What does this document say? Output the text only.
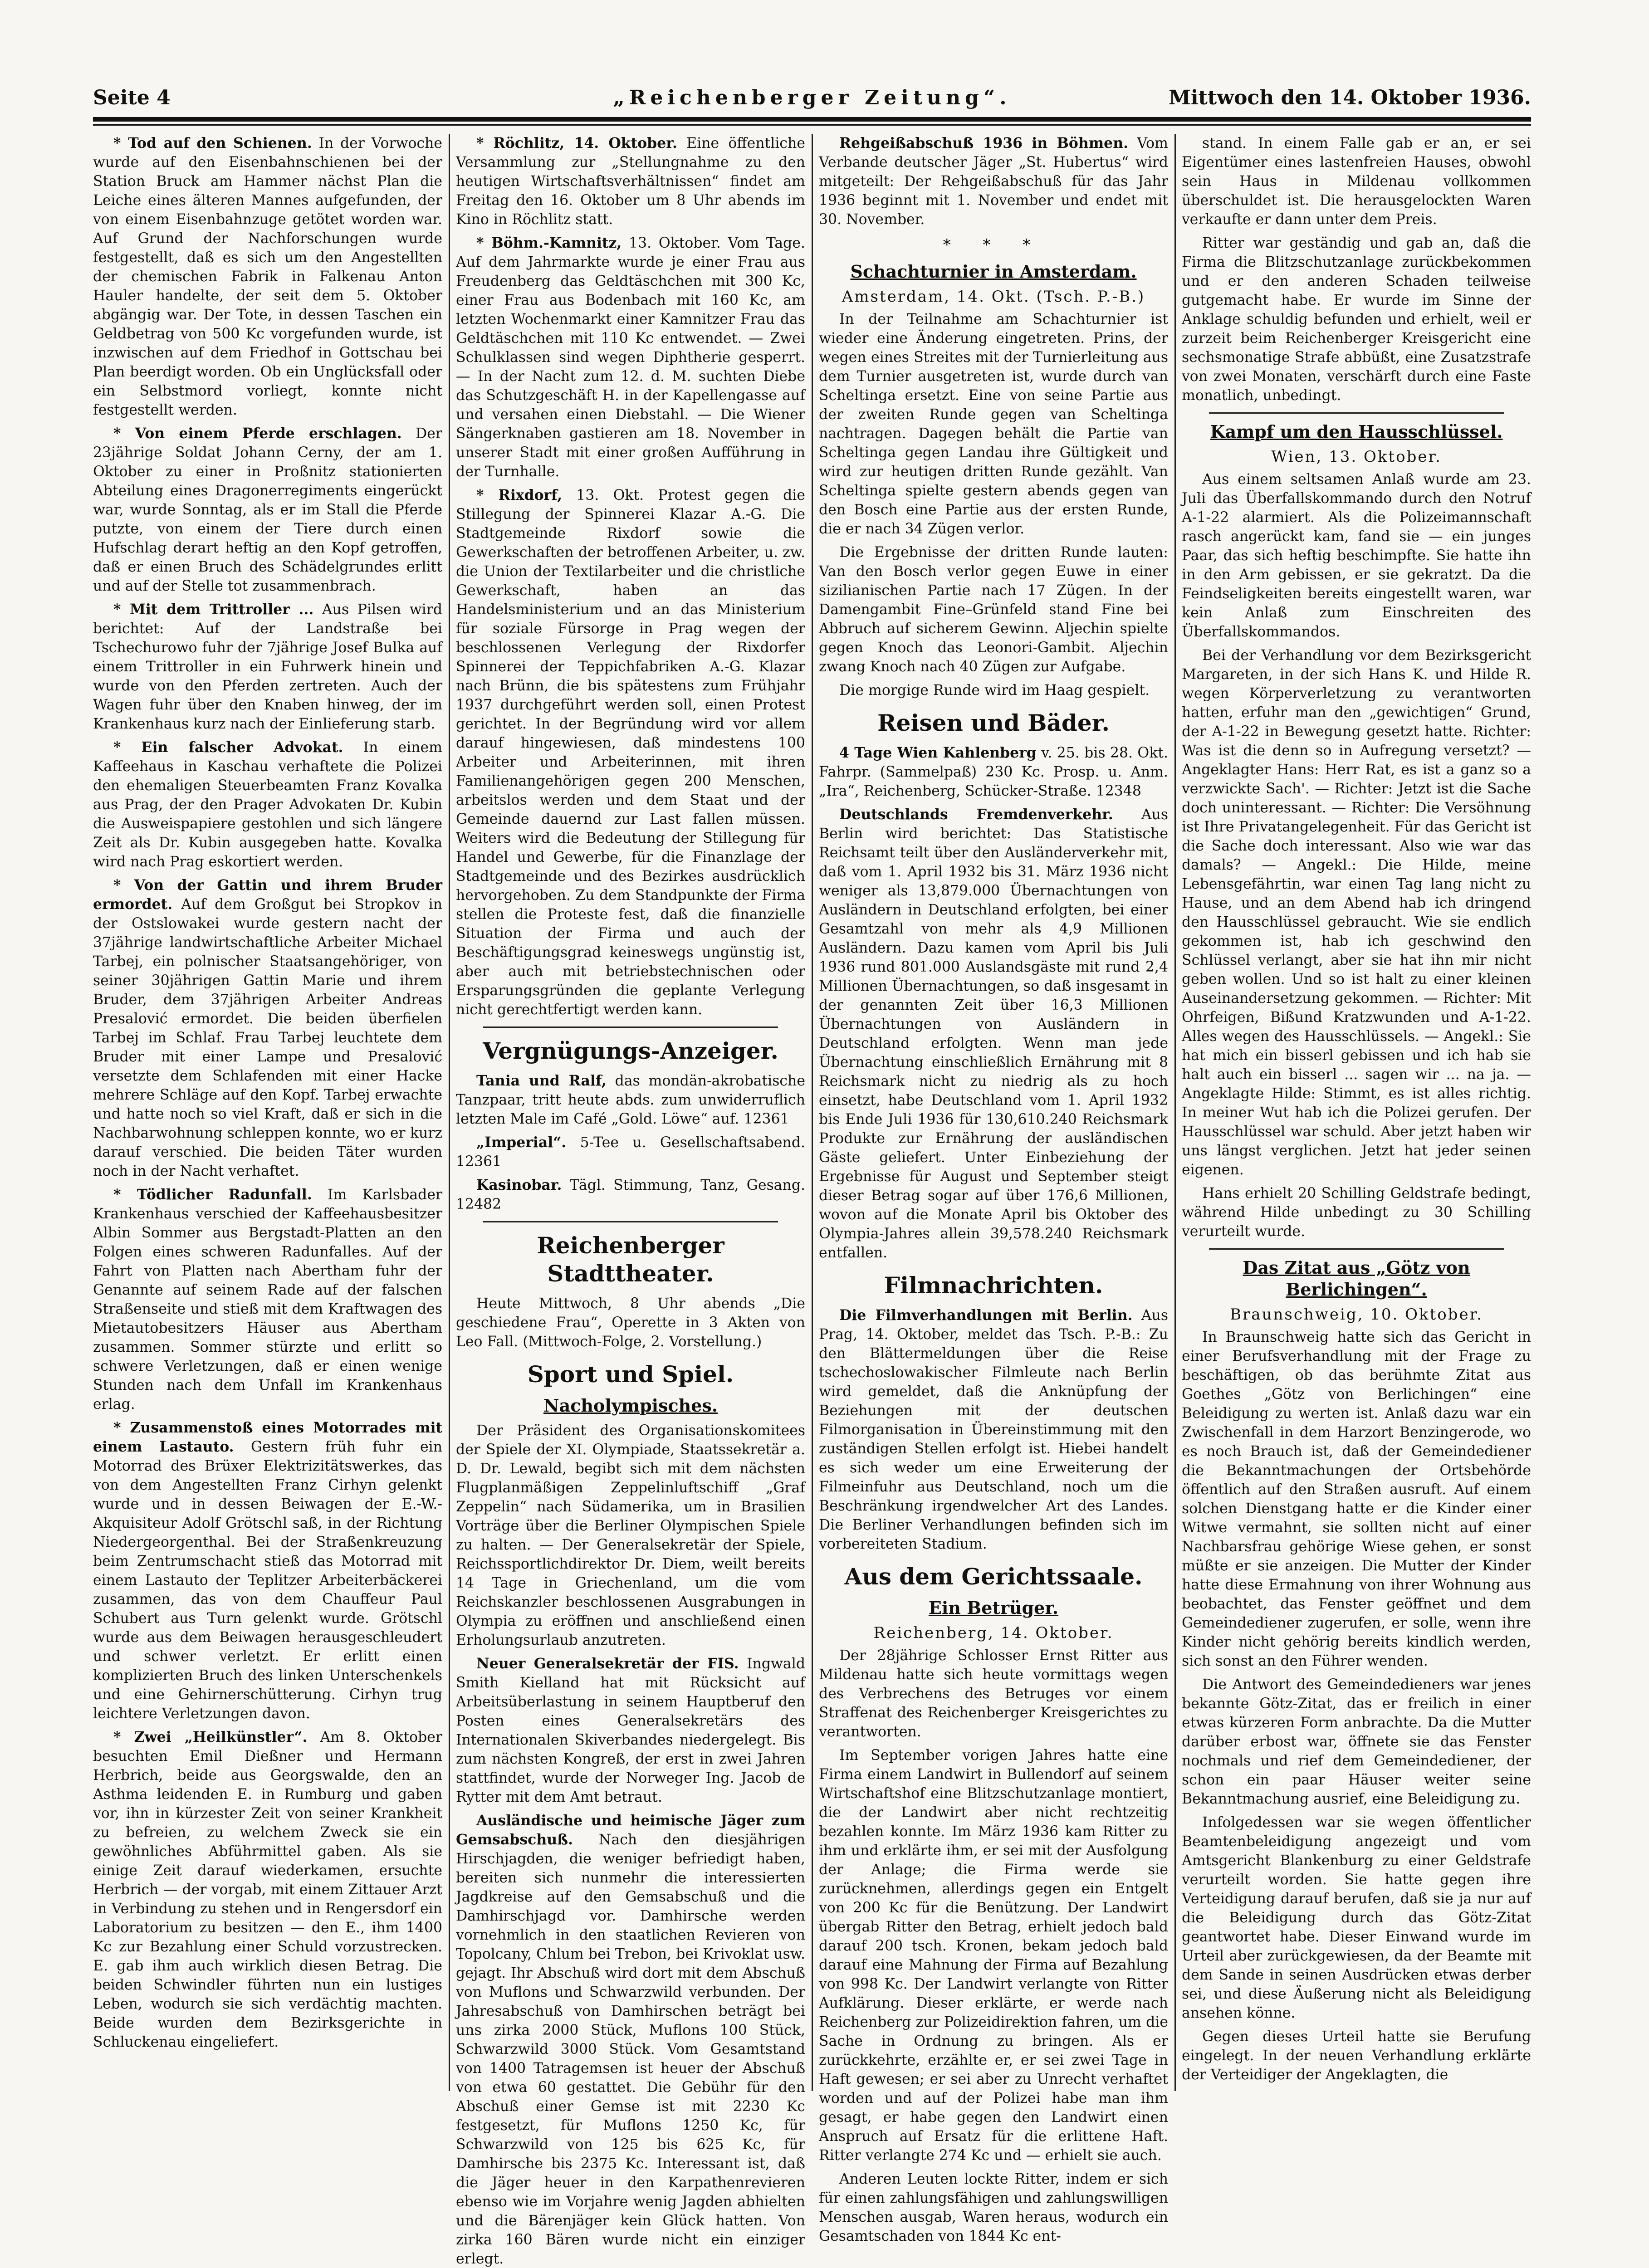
Seite 4	„Reichenberger Zeitung“.	Mittwoch den 14. Oktober 1936.

* Tod auf den Schienen. In der Vorwoche wurde auf den Eisenbahnschienen bei der Station Bruck am Hammer nächst Plan die Leiche eines älteren Mannes aufgefunden, der von einem Eisenbahnzuge getötet worden war. Auf Grund der Nachforschungen wurde festgestellt, daß es sich um den Angestellten der chemischen Fabrik in Falkenau Anton Hauler handelte, der seit dem 5. Oktober abgängig war. Der Tote, in dessen Taschen ein Geldbetrag von 500 Kc vorgefunden wurde, ist inzwischen auf dem Friedhof in Gottschau bei Plan beerdigt worden. Ob ein Unglücksfall oder ein Selbstmord vorliegt, konnte nicht festgestellt werden.

* Von einem Pferde erschlagen. Der 23jährige Soldat Johann Cerny, der am 1. Oktober zu einer in Proßnitz stationierten Abteilung eines Dragonerregiments eingerückt war, wurde Sonntag, als er im Stall die Pferde putzte, von einem der Tiere durch einen Hufschlag derart heftig an den Kopf getroffen, daß er einen Bruch des Schädelgrundes erlitt und auf der Stelle tot zusammenbrach.

* Mit dem Trittroller ... Aus Pilsen wird berichtet: Auf der Landstraße bei Tschechurowo fuhr der 7jährige Josef Bulka auf einem Trittroller in ein Fuhrwerk hinein und wurde von den Pferden zertreten. Auch der Wagen fuhr über den Knaben hinweg, der im Krankenhaus kurz nach der Einlieferung starb.

* Ein falscher Advokat. In einem Kaffeehaus in Kaschau verhaftete die Polizei den ehemaligen Steuerbeamten Franz Kovalka aus Prag, der den Prager Advokaten Dr. Kubin die Ausweispapiere gestohlen und sich längere Zeit als Dr. Kubin ausgegeben hatte. Kovalka wird nach Prag eskortiert werden.

* Von der Gattin und ihrem Bruder ermordet. Auf dem Großgut bei Stropkov in der Ostslowakei wurde gestern nacht der 37jährige landwirtschaftliche Arbeiter Michael Tarbej, ein polnischer Staatsangehöriger, von seiner 30jährigen Gattin Marie und ihrem Bruder, dem 37jährigen Arbeiter Andreas Presalović ermordet. Die beiden überfielen Tarbej im Schlaf. Frau Tarbej leuchtete dem Bruder mit einer Lampe und Presalović versetzte dem Schlafenden mit einer Hacke mehrere Schläge auf den Kopf. Tarbej erwachte und hatte noch so viel Kraft, daß er sich in die Nachbarwohnung schleppen konnte, wo er kurz darauf verschied. Die beiden Täter wurden noch in der Nacht verhaftet.

* Tödlicher Radunfall. Im Karlsbader Krankenhaus verschied der Kaffeehausbesitzer Albin Sommer aus Bergstadt-Platten an den Folgen eines schweren Radunfalles. Auf der Fahrt von Platten nach Abertham fuhr der Genannte auf seinem Rade auf der falschen Straßenseite und stieß mit dem Kraftwagen des Mietautobesitzers Häuser aus Abertham zusammen. Sommer stürzte und erlitt so schwere Verletzungen, daß er einen wenige Stunden nach dem Unfall im Krankenhaus erlag.

* Zusammenstoß eines Motorrades mit einem Lastauto. Gestern früh fuhr ein Motorrad des Brüxer Elektrizitätswerkes, das von dem Angestellten Franz Cirhyn gelenkt wurde und in dessen Beiwagen der E.-W.-Akquisiteur Adolf Grötschl saß, in der Richtung Niedergeorgenthal. Bei der Straßenkreuzung beim Zentrumschacht stieß das Motorrad mit einem Lastauto der Teplitzer Arbeiterbäckerei zusammen, das von dem Chauffeur Paul Schubert aus Turn gelenkt wurde. Grötschl wurde aus dem Beiwagen herausgeschleudert und schwer verletzt. Er erlitt einen komplizierten Bruch des linken Unterschenkels und eine Gehirnerschütterung. Cirhyn trug leichtere Verletzungen davon.

* Zwei „Heilkünstler“. Am 8. Oktober besuchten Emil Dießner und Hermann Herbrich, beide aus Georgswalde, den an Asthma leidenden E. in Rumburg und gaben vor, ihn in kürzester Zeit von seiner Krankheit zu befreien, zu welchem Zweck sie ein gewöhnliches Abführmittel gaben. Als sie einige Zeit darauf wiederkamen, ersuchte Herbrich — der vorgab, mit einem Zittauer Arzt in Verbindung zu stehen und in Rengersdorf ein Laboratorium zu besitzen — den E., ihm 1400 Kc zur Bezahlung einer Schuld vorzustrecken. E. gab ihm auch wirklich diesen Betrag. Die beiden Schwindler führten nun ein lustiges Leben, wodurch sie sich verdächtig machten. Beide wurden dem Bezirksgerichte in Schluckenau eingeliefert.

* Röchlitz, 14. Oktober. Eine öffentliche Versammlung zur „Stellungnahme zu den heutigen Wirtschaftsverhältnissen“ findet am Freitag den 16. Oktober um 8 Uhr abends im Kino in Röchlitz statt.

* Böhm.-Kamnitz, 13. Oktober. Vom Tage. Auf dem Jahrmarkte wurde je einer Frau aus Freudenberg das Geldtäschchen mit 300 Kc, einer Frau aus Bodenbach mit 160 Kc, am letzten Wochenmarkt einer Kamnitzer Frau das Geldtäschchen mit 110 Kc entwendet. — Zwei Schulklassen sind wegen Diphtherie gesperrt. — In der Nacht zum 12. d. M. suchten Diebe das Schutzgeschäft H. in der Kapellengasse auf und versahen einen Diebstahl. — Die Wiener Sängerknaben gastieren am 18. November in unserer Stadt mit einer großen Aufführung in der Turnhalle.

* Rixdorf, 13. Okt. Protest gegen die Stillegung der Spinnerei Klazar A.-G. Die Stadtgemeinde Rixdorf sowie die Gewerkschaften der betroffenen Arbeiter, u. zw. die Union der Textilarbeiter und die christliche Gewerkschaft, haben an das Handelsministerium und an das Ministerium für soziale Fürsorge in Prag wegen der beschlossenen Verlegung der Rixdorfer Spinnerei der Teppichfabriken A.-G. Klazar nach Brünn, die bis spätestens zum Frühjahr 1937 durchgeführt werden soll, einen Protest gerichtet. In der Begründung wird vor allem darauf hingewiesen, daß mindestens 100 Arbeiter und Arbeiterinnen, mit ihren Familienangehörigen gegen 200 Menschen, arbeitslos werden und dem Staat und der Gemeinde dauernd zur Last fallen müssen. Weiters wird die Bedeutung der Stillegung für Handel und Gewerbe, für die Finanzlage der Stadtgemeinde und des Bezirkes ausdrücklich hervorgehoben. Zu dem Standpunkte der Firma stellen die Proteste fest, daß die finanzielle Situation der Firma und auch der Beschäftigungsgrad keineswegs ungünstig ist, aber auch mit betriebstechnischen oder Ersparungsgründen die geplante Verlegung nicht gerechtfertigt werden kann.

Vergnügungs-Anzeiger.

Tania und Ralf, das mondän-akrobatische Tanzpaar, tritt heute abds. zum unwiderruflich letzten Male im Café „Gold. Löwe“ auf. 12361

„Imperial“. 5-Tee u. Gesellschaftsabend. 12361

Kasinobar. Tägl. Stimmung, Tanz, Gesang. 12482

Reichenberger Stadttheater.

Heute Mittwoch, 8 Uhr abends „Die geschiedene Frau“, Operette in 3 Akten von Leo Fall. (Mittwoch-Folge, 2. Vorstellung.)

Sport und Spiel.
Nacholympisches.

Der Präsident des Organisationskomitees der Spiele der XI. Olympiade, Staatssekretär a. D. Dr. Lewald, begibt sich mit dem nächsten Flugplanmäßigen Zeppelinluftschiff „Graf Zeppelin“ nach Südamerika, um in Brasilien Vorträge über die Berliner Olympischen Spiele zu halten. — Der Generalsekretär der Spiele, Reichssportlichdirektor Dr. Diem, weilt bereits 14 Tage in Griechenland, um die vom Reichskanzler beschlossenen Ausgrabungen in Olympia zu eröffnen und anschließend einen Erholungsurlaub anzutreten.

Neuer Generalsekretär der FIS. Ingwald Smith Kielland hat mit Rücksicht auf Arbeitsüberlastung in seinem Hauptberuf den Posten eines Generalsekretärs des Internationalen Skiverbandes niedergelegt. Bis zum nächsten Kongreß, der erst in zwei Jahren stattfindet, wurde der Norweger Ing. Jacob de Rytter mit dem Amt betraut.

Ausländische und heimische Jäger zum Gemsabschuß. Nach den diesjährigen Hirschjagden, die weniger befriedigt haben, bereiten sich nunmehr die interessierten Jagdkreise auf den Gemsabschuß und die Damhirschjagd vor. Damhirsche werden vornehmlich in den staatlichen Revieren von Topolcany, Chlum bei Trebon, bei Krivoklat usw. gejagt. Ihr Abschuß wird dort mit dem Abschuß von Muflons und Schwarzwild verbunden. Der Jahresabschuß von Damhirschen beträgt bei uns zirka 2000 Stück, Muflons 100 Stück, Schwarzwild 3000 Stück. Vom Gesamtstand von 1400 Tatragemsen ist heuer der Abschuß von etwa 60 gestattet. Die Gebühr für den Abschuß einer Gemse ist mit 2230 Kc festgesetzt, für Muflons 1250 Kc, für Schwarzwild von 125 bis 625 Kc, für Damhirsche bis 2375 Kc. Interessant ist, daß die Jäger heuer in den Karpathenrevieren ebenso wie im Vorjahre wenig Jagden abhielten und die Bärenjäger kein Glück hatten. Von zirka 160 Bären wurde nicht ein einziger erlegt.

Rehgeißabschuß 1936 in Böhmen. Vom Verbande deutscher Jäger „St. Hubertus“ wird mitgeteilt: Der Rehgeißabschuß für das Jahr 1936 beginnt mit 1. November und endet mit 30. November.

* * *
Schachturnier in Amsterdam.
Amsterdam, 14. Okt. (Tsch. P.-B.)

In der Teilnahme am Schachturnier ist wieder eine Änderung eingetreten. Prins, der wegen eines Streites mit der Turnierleitung aus dem Turnier ausgetreten ist, wurde durch van Scheltinga ersetzt. Eine von seine Partie aus der zweiten Runde gegen van Scheltinga nachtragen. Dagegen behält die Partie van Scheltinga gegen Landau ihre Gültigkeit und wird zur heutigen dritten Runde gezählt. Van Scheltinga spielte gestern abends gegen van den Bosch eine Partie aus der ersten Runde, die er nach 34 Zügen verlor.

Die Ergebnisse der dritten Runde lauten: Van den Bosch verlor gegen Euwe in einer sizilianischen Partie nach 17 Zügen. In der Damengambit Fine–Grünfeld stand Fine bei Abbruch auf sicherem Gewinn. Aljechin spielte gegen Knoch das Leonori-Gambit. Aljechin zwang Knoch nach 40 Zügen zur Aufgabe.

Die morgige Runde wird im Haag gespielt.

Reisen und Bäder.

4 Tage Wien Kahlenberg v. 25. bis 28. Okt. Fahrpr. (Sammelpaß) 230 Kc. Prosp. u. Anm. „Ira“, Reichenberg, Schücker-Straße. 12348

Deutschlands Fremdenverkehr. Aus Berlin wird berichtet: Das Statistische Reichsamt teilt über den Ausländerverkehr mit, daß vom 1. April 1932 bis 31. März 1936 nicht weniger als 13,879.000 Übernachtungen von Ausländern in Deutschland erfolgten, bei einer Gesamtzahl von mehr als 4,9 Millionen Ausländern. Dazu kamen vom April bis Juli 1936 rund 801.000 Auslandsgäste mit rund 2,4 Millionen Übernachtungen, so daß insgesamt in der genannten Zeit über 16,3 Millionen Übernachtungen von Ausländern in Deutschland erfolgten. Wenn man jede Übernachtung einschließlich Ernährung mit 8 Reichsmark nicht zu niedrig als zu hoch einsetzt, habe Deutschland vom 1. April 1932 bis Ende Juli 1936 für 130,610.240 Reichsmark Produkte zur Ernährung der ausländischen Gäste geliefert. Unter Einbeziehung der Ergebnisse für August und September steigt dieser Betrag sogar auf über 176,6 Millionen, wovon auf die Monate April bis Oktober des Olympia-Jahres allein 39,578.240 Reichsmark entfallen.

Filmnachrichten.

Die Filmverhandlungen mit Berlin. Aus Prag, 14. Oktober, meldet das Tsch. P.-B.: Zu den Blättermeldungen über die Reise tschechoslowakischer Filmleute nach Berlin wird gemeldet, daß die Anknüpfung der Beziehungen mit der deutschen Filmorganisation in Übereinstimmung mit den zuständigen Stellen erfolgt ist. Hiebei handelt es sich weder um eine Erweiterung der Filmeinfuhr aus Deutschland, noch um die Beschränkung irgendwelcher Art des Landes. Die Berliner Verhandlungen befinden sich im vorbereiteten Stadium.

Aus dem Gerichtssaale.
Ein Betrüger.
Reichenberg, 14. Oktober.

Der 28jährige Schlosser Ernst Ritter aus Mildenau hatte sich heute vormittags wegen des Verbrechens des Betruges vor einem Straffenat des Reichenberger Kreisgerichtes zu verantworten.

Im September vorigen Jahres hatte eine Firma einem Landwirt in Bullendorf auf seinem Wirtschaftshof eine Blitzschutzanlage montiert, die der Landwirt aber nicht rechtzeitig bezahlen konnte. Im März 1936 kam Ritter zu ihm und erklärte ihm, er sei mit der Ausfolgung der Anlage; die Firma werde sie zurücknehmen, allerdings gegen ein Entgelt von 200 Kc für die Benützung. Der Landwirt übergab Ritter den Betrag, erhielt jedoch bald darauf 200 tsch. Kronen, bekam jedoch bald darauf eine Mahnung der Firma auf Bezahlung von 998 Kc. Der Landwirt verlangte von Ritter Aufklärung. Dieser erklärte, er werde nach Reichenberg zur Polizeidirektion fahren, um die Sache in Ordnung zu bringen. Als er zurückkehrte, erzählte er, er sei zwei Tage in Haft gewesen; er sei aber zu Unrecht verhaftet worden und auf der Polizei habe man ihm gesagt, er habe gegen den Landwirt einen Anspruch auf Ersatz für die erlittene Haft. Ritter verlangte 274 Kc und — erhielt sie auch.

Anderen Leuten lockte Ritter, indem er sich für einen zahlungsfähigen und zahlungswilligen Menschen ausgab, Waren heraus, wodurch ein Gesamtschaden von 1844 Kc ent-

stand. In einem Falle gab er an, er sei Eigentümer eines lastenfreien Hauses, obwohl sein Haus in Mildenau vollkommen überschuldet ist. Die herausgelockten Waren verkaufte er dann unter dem Preis.

Ritter war geständig und gab an, daß die Firma die Blitzschutzanlage zurückbekommen und er den anderen Schaden teilweise gutgemacht habe. Er wurde im Sinne der Anklage schuldig befunden und erhielt, weil er zurzeit beim Reichenberger Kreisgericht eine sechsmonatige Strafe abbüßt, eine Zusatzstrafe von zwei Monaten, verschärft durch eine Faste monatlich, unbedingt.

Kampf um den Hausschlüssel.
Wien, 13. Oktober.

Aus einem seltsamen Anlaß wurde am 23. Juli das Überfallskommando durch den Notruf A-1-22 alarmiert. Als die Polizeimannschaft rasch angerückt kam, fand sie — ein junges Paar, das sich heftig beschimpfte. Sie hatte ihn in den Arm gebissen, er sie gekratzt. Da die Feindseligkeiten bereits eingestellt waren, war kein Anlaß zum Einschreiten des Überfallskommandos.

Bei der Verhandlung vor dem Bezirksgericht Margareten, in der sich Hans K. und Hilde R. wegen Körperverletzung zu verantworten hatten, erfuhr man den „gewichtigen“ Grund, der A-1-22 in Bewegung gesetzt hatte. Richter: Was ist die denn so in Aufregung versetzt? — Angeklagter Hans: Herr Rat, es ist a ganz so a verzwickte Sach'. — Richter: Jetzt ist die Sache doch uninteressant. — Richter: Die Versöhnung ist Ihre Privatangelegenheit. Für das Gericht ist die Sache doch interessant. Also wie war das damals? — Angekl.: Die Hilde, meine Lebensgefährtin, war einen Tag lang nicht zu Hause, und an dem Abend hab ich dringend den Hausschlüssel gebraucht. Wie sie endlich gekommen ist, hab ich geschwind den Schlüssel verlangt, aber sie hat ihn mir nicht geben wollen. Und so ist halt zu einer kleinen Auseinandersetzung gekommen. — Richter: Mit Ohrfeigen, Bißund Kratzwunden und A-1-22. Alles wegen des Hausschlüssels. — Angekl.: Sie hat mich ein bisserl gebissen und ich hab sie halt auch ein bisserl ... sagen wir ... na ja. — Angeklagte Hilde: Stimmt, es ist alles richtig. In meiner Wut hab ich die Polizei gerufen. Der Hausschlüssel war schuld. Aber jetzt haben wir uns längst verglichen. Jetzt hat jeder seinen eigenen.

Hans erhielt 20 Schilling Geldstrafe bedingt, während Hilde unbedingt zu 30 Schilling verurteilt wurde.

Das Zitat aus „Götz von Berlichingen“.
Braunschweig, 10. Oktober.

In Braunschweig hatte sich das Gericht in einer Berufsverhandlung mit der Frage zu beschäftigen, ob das berühmte Zitat aus Goethes „Götz von Berlichingen“ eine Beleidigung zu werten ist. Anlaß dazu war ein Zwischenfall in dem Harzort Benzingerode, wo es noch Brauch ist, daß der Gemeindediener die Bekanntmachungen der Ortsbehörde öffentlich auf den Straßen ausruft. Auf einem solchen Dienstgang hatte er die Kinder einer Witwe vermahnt, sie sollten nicht auf einer Nachbarsfrau gehörige Wiese gehen, er sonst müßte er sie anzeigen. Die Mutter der Kinder hatte diese Ermahnung von ihrer Wohnung aus beobachtet, das Fenster geöffnet und dem Gemeindediener zugerufen, er solle, wenn ihre Kinder nicht gehörig bereits kindlich werden, sich sonst an den Führer wenden.

Die Antwort des Gemeindedieners war jenes bekannte Götz-Zitat, das er freilich in einer etwas kürzeren Form anbrachte. Da die Mutter darüber erbost war, öffnete sie das Fenster nochmals und rief dem Gemeindediener, der schon ein paar Häuser weiter seine Bekanntmachung ausrief, eine Beleidigung zu.

Infolgedessen war sie wegen öffentlicher Beamtenbeleidigung angezeigt und vom Amtsgericht Blankenburg zu einer Geldstrafe verurteilt worden. Sie hatte gegen ihre Verteidigung darauf berufen, daß sie ja nur auf die Beleidigung durch das Götz-Zitat geantwortet habe. Dieser Einwand wurde im Urteil aber zurückgewiesen, da der Beamte mit dem Sande in seinen Ausdrücken etwas derber sei, und diese Äußerung nicht als Beleidigung ansehen könne.

Gegen dieses Urteil hatte sie Berufung eingelegt. In der neuen Verhandlung erklärte der Verteidiger der Angeklagten, die
